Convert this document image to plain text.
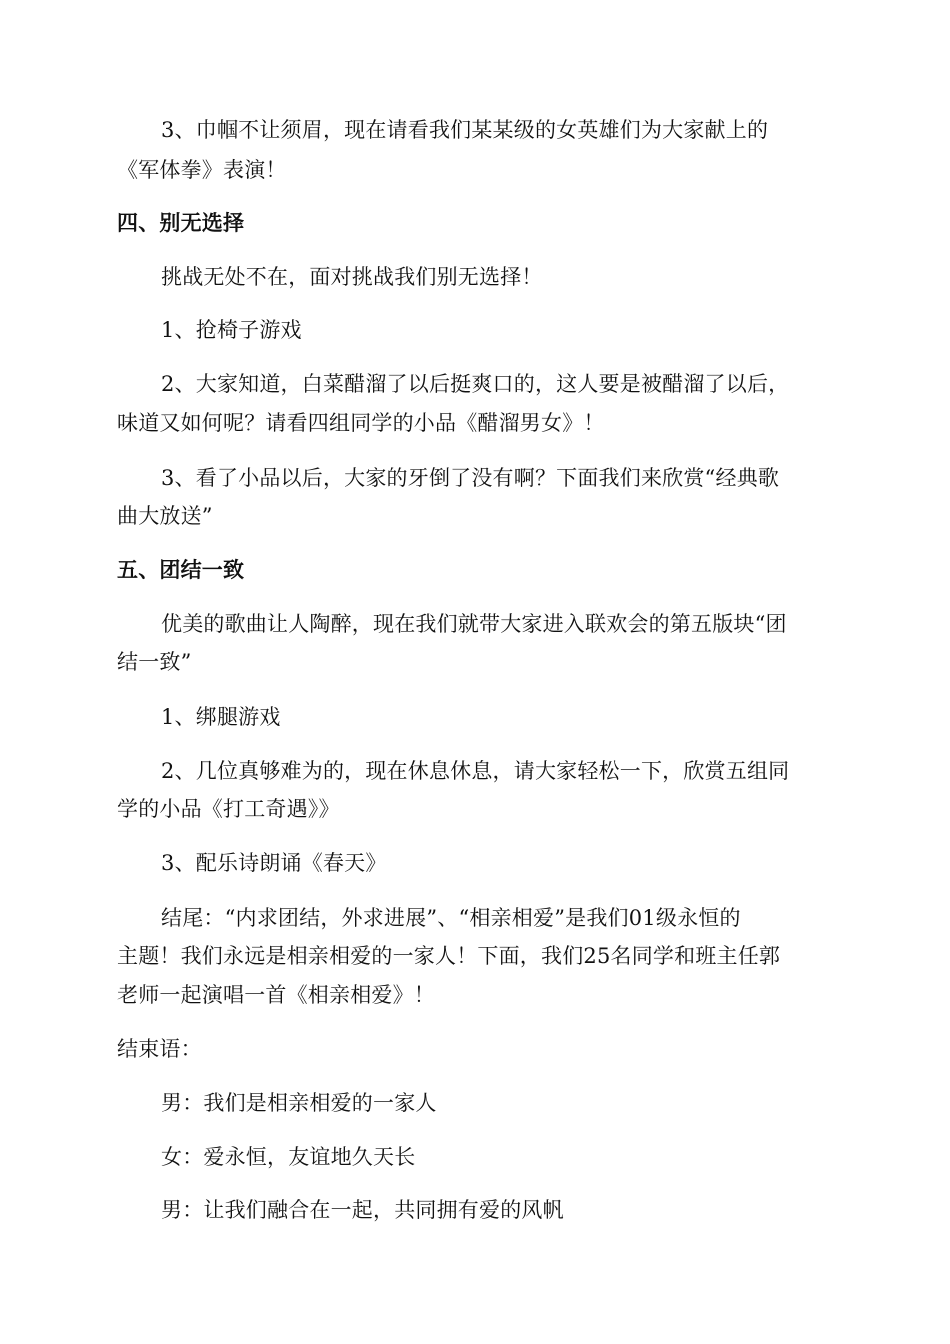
3、巾帼不让须眉，现在请看我们某某级的女英雄们为大家献上的
《军体拳》表演！
四、别无选择
挑战无处不在，面对挑战我们别无选择！
1、抢椅子游戏
2、大家知道，白菜醋溜了以后挺爽口的，这人要是被醋溜了以后，
味道又如何呢？请看四组同学的小品《醋溜男女》！
3、看了小品以后，大家的牙倒了没有啊？下面我们来欣赏“经典歌
曲大放送”
五、团结一致
优美的歌曲让人陶醉，现在我们就带大家进入联欢会的第五版块“团
结一致”
1、绑腿游戏
2、几位真够难为的，现在休息休息，请大家轻松一下，欣赏五组同
学的小品《打工奇遇》》
3、配乐诗朗诵《春天》
结尾：“内求团结，外求进展”、“相亲相爱”是我们01级永恒的
主题！我们永远是相亲相爱的一家人！下面，我们25名同学和班主任郭
老师一起演唱一首《相亲相爱》！
结束语：
男：我们是相亲相爱的一家人
女：爱永恒，友谊地久天长
男：让我们融合在一起，共同拥有爱的风帆
